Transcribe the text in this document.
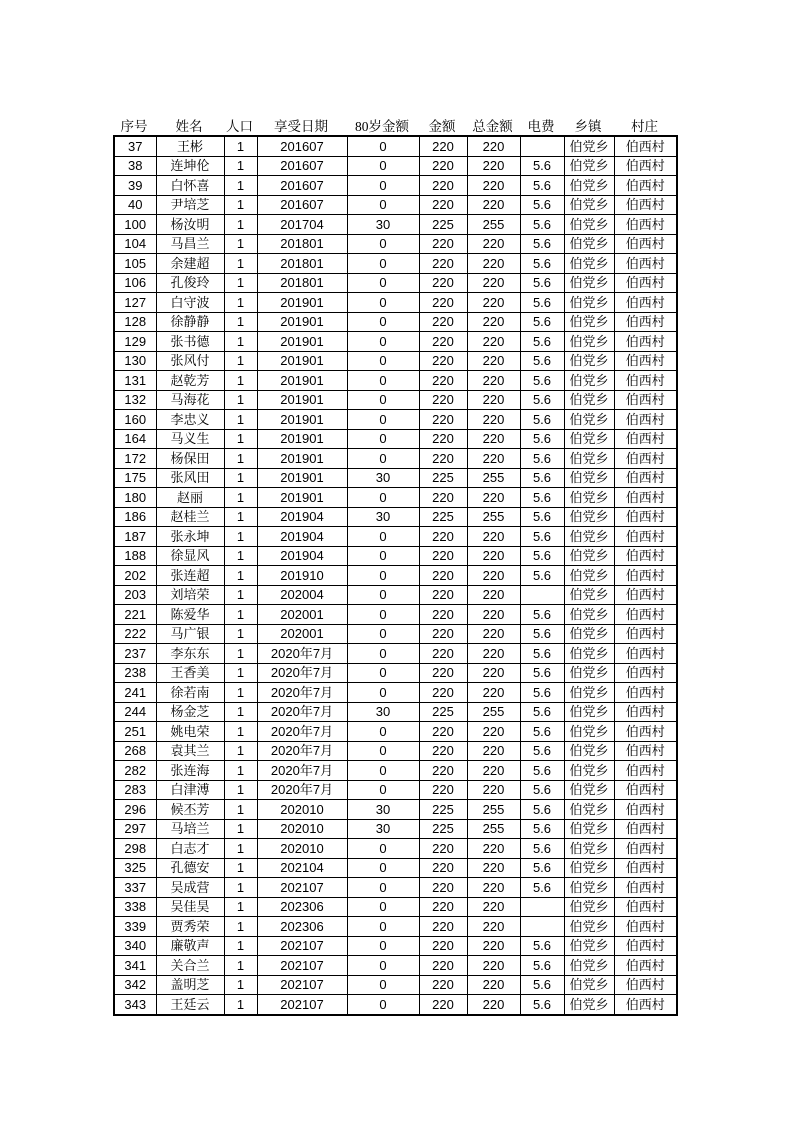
序号	姓名	人口	享受日期	80岁金额	金额	总金额	电费	乡镇	村庄
37	王彬	1	201607	0	220	220		伯党乡	伯西村
38	连坤伦	1	201607	0	220	220	5.6	伯党乡	伯西村
39	白怀喜	1	201607	0	220	220	5.6	伯党乡	伯西村
40	尹培芝	1	201607	0	220	220	5.6	伯党乡	伯西村
100	杨汝明	1	201704	30	225	255	5.6	伯党乡	伯西村
104	马昌兰	1	201801	0	220	220	5.6	伯党乡	伯西村
105	余建超	1	201801	0	220	220	5.6	伯党乡	伯西村
106	孔俊玲	1	201801	0	220	220	5.6	伯党乡	伯西村
127	白守波	1	201901	0	220	220	5.6	伯党乡	伯西村
128	徐静静	1	201901	0	220	220	5.6	伯党乡	伯西村
129	张书德	1	201901	0	220	220	5.6	伯党乡	伯西村
130	张风付	1	201901	0	220	220	5.6	伯党乡	伯西村
131	赵乾芳	1	201901	0	220	220	5.6	伯党乡	伯西村
132	马海花	1	201901	0	220	220	5.6	伯党乡	伯西村
160	李忠义	1	201901	0	220	220	5.6	伯党乡	伯西村
164	马义生	1	201901	0	220	220	5.6	伯党乡	伯西村
172	杨保田	1	201901	0	220	220	5.6	伯党乡	伯西村
175	张风田	1	201901	30	225	255	5.6	伯党乡	伯西村
180	赵丽	1	201901	0	220	220	5.6	伯党乡	伯西村
186	赵桂兰	1	201904	30	225	255	5.6	伯党乡	伯西村
187	张永坤	1	201904	0	220	220	5.6	伯党乡	伯西村
188	徐显风	1	201904	0	220	220	5.6	伯党乡	伯西村
202	张连超	1	201910	0	220	220	5.6	伯党乡	伯西村
203	刘培荣	1	202004	0	220	220		伯党乡	伯西村
221	陈爱华	1	202001	0	220	220	5.6	伯党乡	伯西村
222	马广银	1	202001	0	220	220	5.6	伯党乡	伯西村
237	李东东	1	2020年7月	0	220	220	5.6	伯党乡	伯西村
238	王香美	1	2020年7月	0	220	220	5.6	伯党乡	伯西村
241	徐若南	1	2020年7月	0	220	220	5.6	伯党乡	伯西村
244	杨金芝	1	2020年7月	30	225	255	5.6	伯党乡	伯西村
251	姚电荣	1	2020年7月	0	220	220	5.6	伯党乡	伯西村
268	袁其兰	1	2020年7月	0	220	220	5.6	伯党乡	伯西村
282	张连海	1	2020年7月	0	220	220	5.6	伯党乡	伯西村
283	白津溥	1	2020年7月	0	220	220	5.6	伯党乡	伯西村
296	候丕芳	1	202010	30	225	255	5.6	伯党乡	伯西村
297	马培兰	1	202010	30	225	255	5.6	伯党乡	伯西村
298	白志才	1	202010	0	220	220	5.6	伯党乡	伯西村
325	孔德安	1	202104	0	220	220	5.6	伯党乡	伯西村
337	吴成营	1	202107	0	220	220	5.6	伯党乡	伯西村
338	吴佳昊	1	202306	0	220	220		伯党乡	伯西村
339	贾秀荣	1	202306	0	220	220		伯党乡	伯西村
340	廉敬声	1	202107	0	220	220	5.6	伯党乡	伯西村
341	关合兰	1	202107	0	220	220	5.6	伯党乡	伯西村
342	盖明芝	1	202107	0	220	220	5.6	伯党乡	伯西村
343	王廷云	1	202107	0	220	220	5.6	伯党乡	伯西村
